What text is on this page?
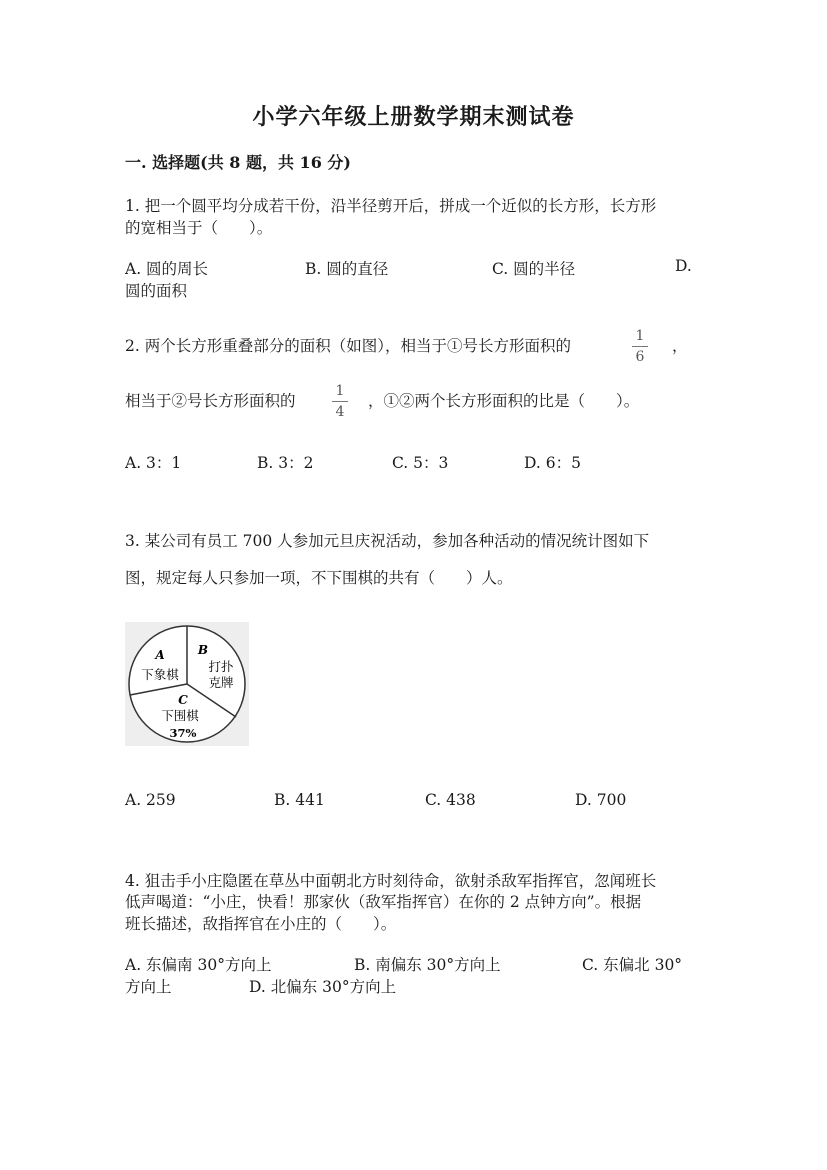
小学六年级上册数学期末测试卷
一. 选择题(共 8 题，共 16 分)
1. 把一个圆平均分成若干份，沿半径剪开后，拼成一个近似的长方形，长方形
的宽相当于（　　）。
A. 圆的周长	B. 圆的直径	C. 圆的半径	D.
圆的面积
2. 两个长方形重叠部分的面积（如图），相当于①号长方形面积的
1
6
，
相当于②号长方形面积的
1
4
，①②两个长方形面积的比是（　　）。
A. 3：1	B. 3：2	C. 5：3	D. 6：5
3. 某公司有员工 700 人参加元旦庆祝活动，参加各种活动的情况统计图如下
图，规定每人只参加一项，不下围棋的共有（　　）人。
A
下象棋
B
打扑
克牌
C
下围棋
37%
A. 259	B. 441	C. 438	D. 700
4. 狙击手小庄隐匿在草丛中面朝北方时刻待命，欲射杀敌军指挥官，忽闻班长
低声喝道：“小庄，快看！那家伙（敌军指挥官）在你的 2 点钟方向”。根据
班长描述，敌指挥官在小庄的（　　）。
A. 东偏南 30°方向上	B. 南偏东 30°方向上	C. 东偏北 30°
方向上	D. 北偏东 30°方向上
